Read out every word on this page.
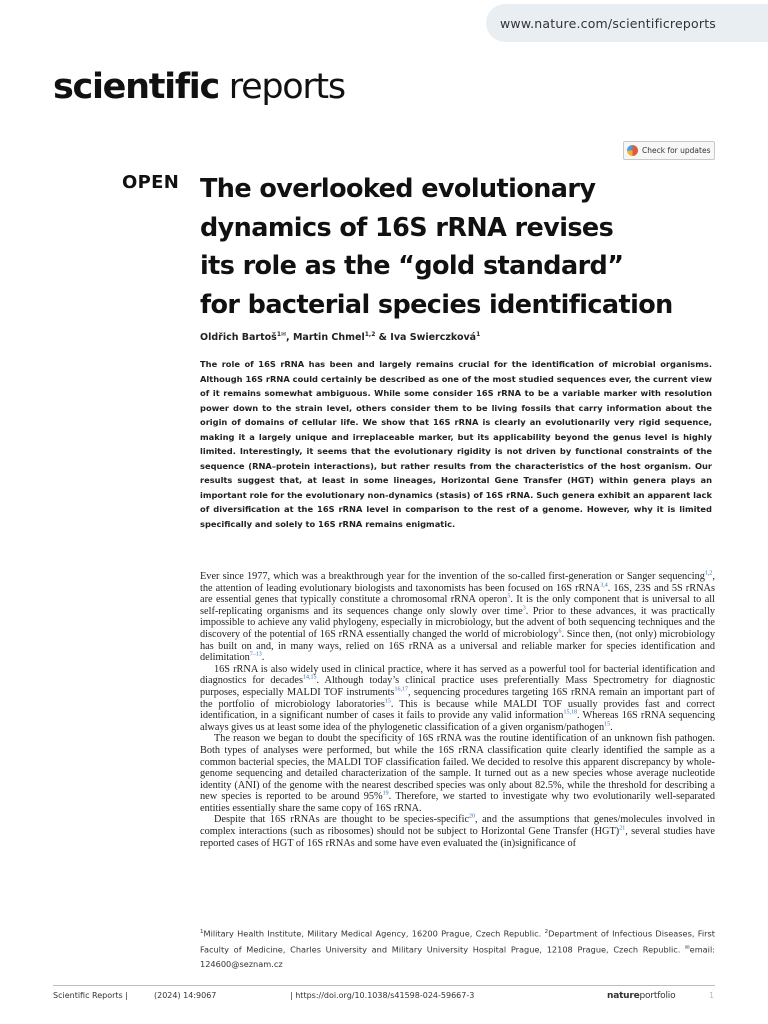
www.nature.com/scientificreports
scientific reports
Check for updates
OPEN The overlooked evolutionary
dynamics of 16S rRNA revises
its role as the “gold standard”
for bacterial species identification
Oldřich Bartoš$^{1✉}$, Martin Chmel$^{1,2}$ & Iva Swierczková$^1$

The role of 16S rRNA has been and largely remains crucial for the identification of microbial organisms. Although 16S rRNA could certainly be described as one of the most studied sequences ever, the current view of it remains somewhat ambiguous. While some consider 16S rRNA to be a variable marker with resolution power down to the strain level, others consider them to be living fossils that carry information about the origin of domains of cellular life. We show that 16S rRNA is clearly an evolutionarily very rigid sequence, making it a largely unique and irreplaceable marker, but its applicability beyond the genus level is highly limited. Interestingly, it seems that the evolutionary rigidity is not driven by functional constraints of the sequence (RNA–protein interactions), but rather results from the characteristics of the host organism. Our results suggest that, at least in some lineages, Horizontal Gene Transfer (HGT) within genera plays an important role for the evolutionary non-dynamics (stasis) of 16S rRNA. Such genera exhibit an apparent lack of diversification at the 16S rRNA level in comparison to the rest of a genome. However, why it is limited specifically and solely to 16S rRNA remains enigmatic.

Ever since 1977, which was a breakthrough year for the invention of the so-called first-generation or Sanger sequencing$^{1,2}$, the attention of leading evolutionary biologists and taxonomists has been focused on 16S rRNA$^{3,4}$. 16S, 23S and 5S rRNAs are essential genes that typically constitute a chromosomal rRNA operon$^5$. It is the only component that is universal to all self-replicating organisms and its sequences change only slowly over time$^3$. Prior to these advances, it was practically impossible to achieve any valid phylogeny, especially in microbiology, but the advent of both sequencing techniques and the discovery of the potential of 16S rRNA essentially changed the world of microbiology$^6$. Since then, (not only) microbiology has built on and, in many ways, relied on 16S rRNA as a universal and reliable marker for species identification and delimitation$^{7-13}$.

16S rRNA is also widely used in clinical practice, where it has served as a powerful tool for bacterial identification and diagnostics for decades$^{14,15}$. Although today’s clinical practice uses preferentially Mass Spectrometry for diagnostic purposes, especially MALDI TOF instruments$^{16,17}$, sequencing procedures targeting 16S rRNA remain an important part of the portfolio of microbiology laboratories$^{15}$. This is because while MALDI TOF usually provides fast and correct identification, in a significant number of cases it fails to provide any valid information$^{15,18}$. Whereas 16S rRNA sequencing always gives us at least some idea of the phylogenetic classification of a given organism/pathogen$^{15}$.

The reason we began to doubt the specificity of 16S rRNA was the routine identification of an unknown fish pathogen. Both types of analyses were performed, but while the 16S rRNA classification quite clearly identified the sample as a common bacterial species, the MALDI TOF classification failed. We decided to resolve this apparent discrepancy by whole-genome sequencing and detailed characterization of the sample. It turned out as a new species whose average nucleotide identity (ANI) of the genome with the nearest described species was only about 82.5%, while the threshold for describing a new species is reported to be around 95%$^{19}$. Therefore, we started to investigate why two evolutionarily well-separated entities essentially share the same copy of 16S rRNA.

Despite that 16S rRNAs are thought to be species-specific$^{20}$, and the assumptions that genes/molecules involved in complex interactions (such as ribosomes) should not be subject to Horizontal Gene Transfer (HGT)$^{21}$, several studies have reported cases of HGT of 16S rRNAs and some have even evaluated the (in)significance of

$^1$Military Health Institute, Military Medical Agency, 16200 Prague, Czech Republic. $^2$Department of Infectious Diseases, First Faculty of Medicine, Charles University and Military University Hospital Prague, 12108 Prague, Czech Republic. ✉email: 124600@seznam.cz

Scientific Reports |	(2024) 14:9067	| https://doi.org/10.1038/s41598-024-59667-3	natureportfolio	1
